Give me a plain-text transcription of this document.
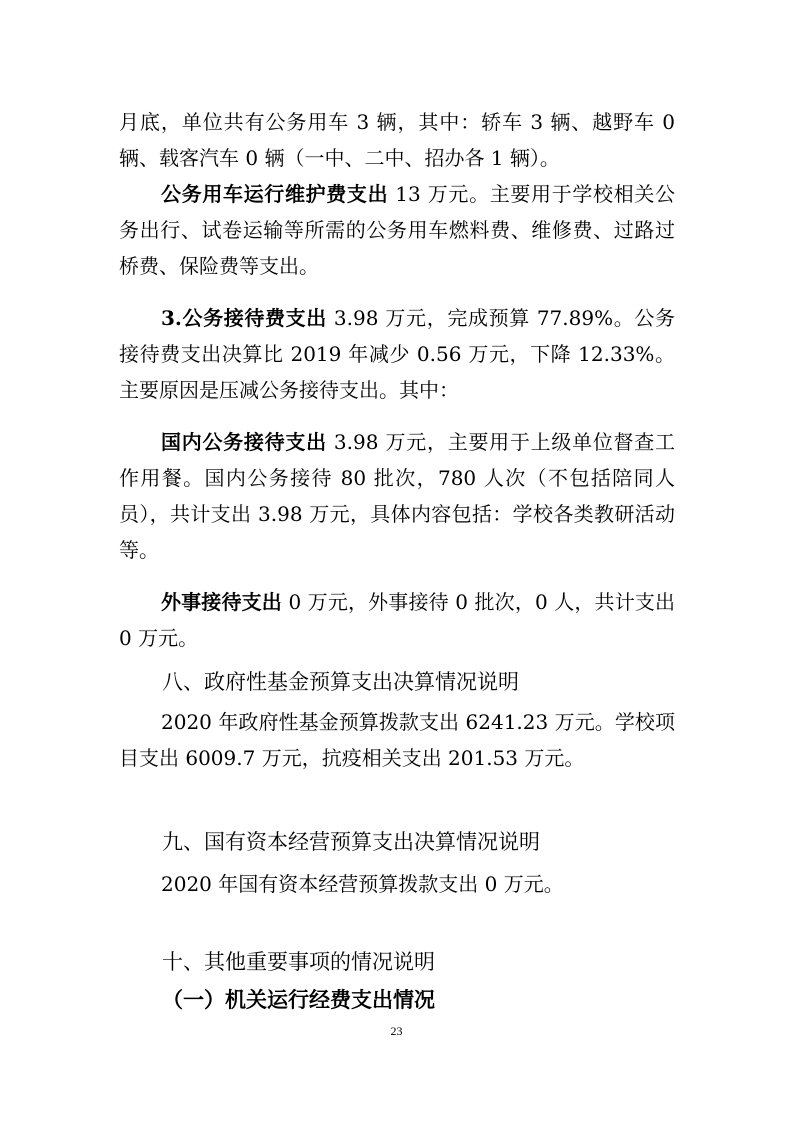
月底，单位共有公务用车 3 辆，其中：轿车 3 辆、越野车 0 辆、载客汽车 0 辆（一中、二中、招办各 1 辆）。

公务用车运行维护费支出 13 万元。主要用于学校相关公务出行、试卷运输等所需的公务用车燃料费、维修费、过路过桥费、保险费等支出。

3.公务接待费支出 3.98 万元，完成预算 77.89%。公务接待费支出决算比 2019 年减少 0.56 万元，下降 12.33%。主要原因是压减公务接待支出。其中：

国内公务接待支出 3.98 万元，主要用于上级单位督查工作用餐。国内公务接待 80 批次，780 人次（不包括陪同人员），共计支出 3.98 万元，具体内容包括：学校各类教研活动等。

外事接待支出 0 万元，外事接待 0 批次，0 人，共计支出 0 万元。

八、政府性基金预算支出决算情况说明

2020 年政府性基金预算拨款支出 6241.23 万元。学校项目支出 6009.7 万元，抗疫相关支出 201.53 万元。

九、国有资本经营预算支出决算情况说明

2020 年国有资本经营预算拨款支出 0 万元。

十、其他重要事项的情况说明

（一）机关运行经费支出情况

23
